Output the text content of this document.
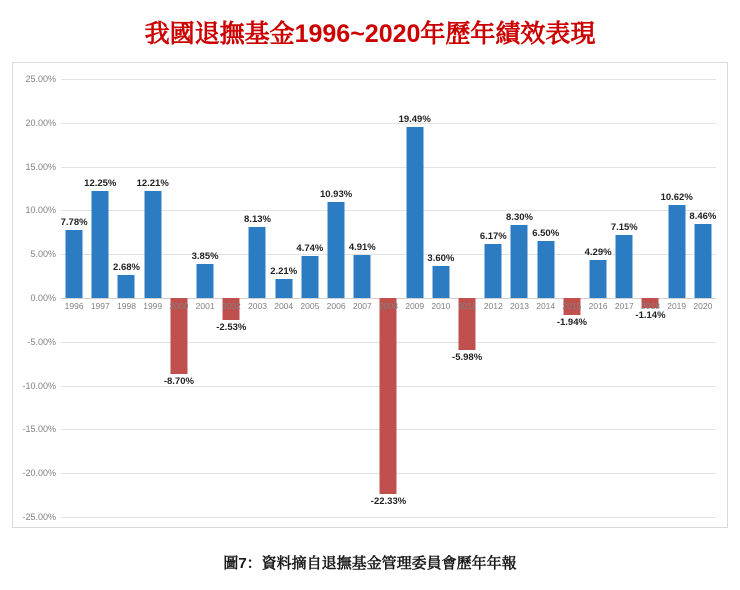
我國退撫基金1996~2020年歷年績效表現
25.00%
20.00%
15.00%
10.00%
5.00%
0.00%
-5.00%
-10.00%
-15.00%
-20.00%
-25.00%
7.78%
1996
12.25%
1997
2.68%
1998
12.21%
1999
-8.70%
2000
3.85%
2001
-2.53%
2002
8.13%
2003
2.21%
2004
4.74%
2005
10.93%
2006
4.91%
2007
-22.33%
2008
19.49%
2009
3.60%
2010
-5.98%
2011
6.17%
2012
8.30%
2013
6.50%
2014
-1.94%
2015
4.29%
2016
7.15%
2017
-1.14%
2018
10.62%
2019
8.46%
2020
圖7：資料摘自退撫基金管理委員會歷年年報
